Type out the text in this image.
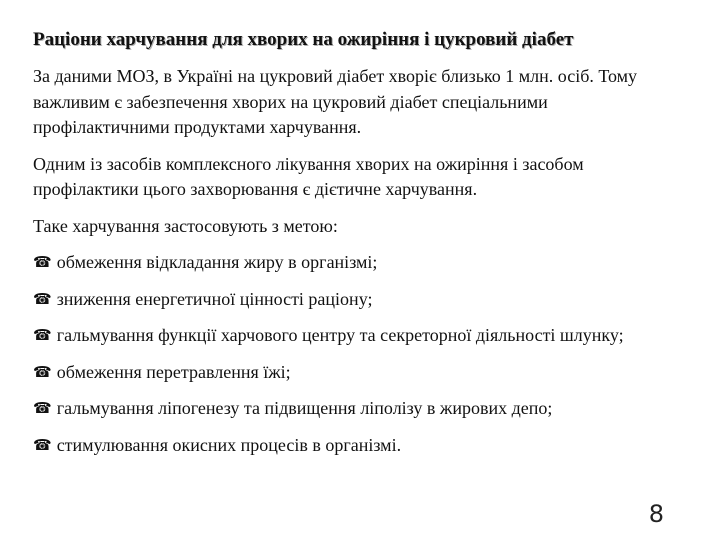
Раціони харчування для хворих на ожиріння і цукровий діабет

За даними МОЗ, в Україні на цукровий діабет хворіє близько 1 млн. осіб. Тому важливим є забезпечення хворих на цукровий діабет спеціальними профілактичними продуктами харчування.

Одним із засобів комплексного лікування хворих на ожиріння і засобом профілактики цього захворювання є дієтичне харчування.

Таке харчування застосовують з метою:

☎ обмеження відкладання жиру в організмі;
☎ зниження енергетичної цінності раціону;
☎ гальмування функції харчового центру та секреторної діяльності шлунку;
☎ обмеження перетравлення їжі;
☎ гальмування ліпогенезу та підвищення ліполізу в жирових депо;
☎ стимулювання окисних процесів в організмі.
8
